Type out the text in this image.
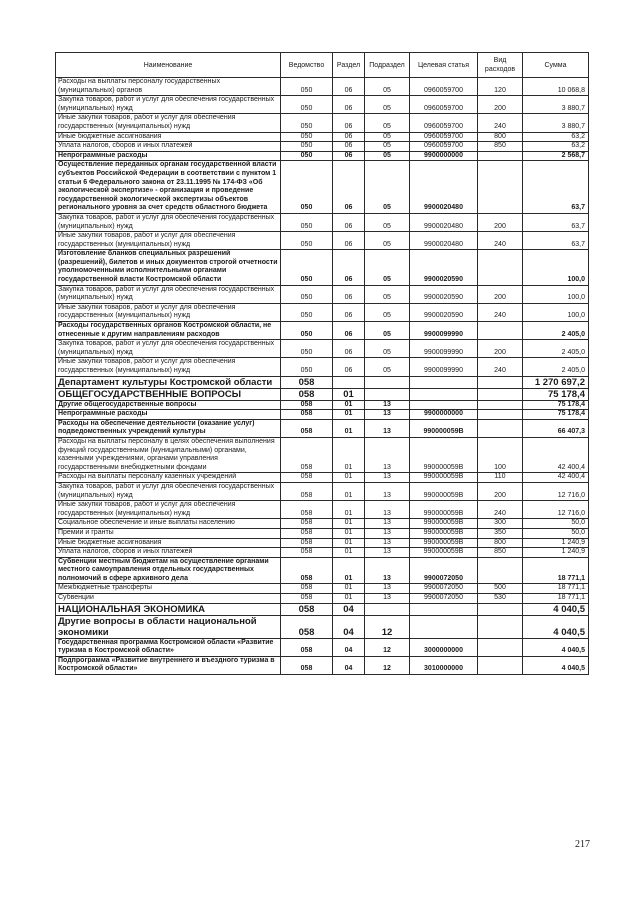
Наименование	Ведомство	Раздел	Подраздел	Целевая статья	Вид расходов	Сумма
Расходы на выплаты персоналу государственных (муниципальных) органов	050	06	05	0960059700	120	10 068,8
Закупка товаров, работ и услуг для обеспечения государственных (муниципальных) нужд	050	06	05	0960059700	200	3 880,7
Иные закупки товаров, работ и услуг для обеспечения государственных (муниципальных) нужд	050	06	05	0960059700	240	3 880,7
Иные бюджетные ассигнования	050	06	05	0960059700	800	63,2
Уплата налогов, сборов и иных платежей	050	06	05	0960059700	850	63,2
Непрограммные расходы	050	06	05	9900000000		2 568,7
Осуществление переданных органам государственной власти субъектов Российской Федерации в соответствии с пунктом 1 статьи 6 Федерального закона от 23.11.1995 № 174-ФЗ «Об экологической экспертизе» - организация и проведение государственной экологической экспертизы объектов регионального уровня за счет средств областного бюджета	050	06	05	9900020480		63,7
Закупка товаров, работ и услуг для обеспечения государственных (муниципальных) нужд	050	06	05	9900020480	200	63,7
Иные закупки товаров, работ и услуг для обеспечения государственных (муниципальных) нужд	050	06	05	9900020480	240	63,7
Изготовление бланков специальных разрешений (разрешений), билетов и иных документов строгой отчетности уполномоченными исполнительными органами государственной власти Костромской области	050	06	05	9900020590		100,0
Закупка товаров, работ и услуг для обеспечения государственных (муниципальных) нужд	050	06	05	9900020590	200	100,0
Иные закупки товаров, работ и услуг для обеспечения государственных (муниципальных) нужд	050	06	05	9900020590	240	100,0
Расходы государственных органов Костромской области, не отнесенные к другим направлениям расходов	050	06	05	9900099990		2 405,0
Закупка товаров, работ и услуг для обеспечения государственных (муниципальных) нужд	050	06	05	9900099990	200	2 405,0
Иные закупки товаров, работ и услуг для обеспечения государственных (муниципальных) нужд	050	06	05	9900099990	240	2 405,0
Департамент культуры Костромской области	058					1 270 697,2
ОБЩЕГОСУДАРСТВЕННЫЕ ВОПРОСЫ	058	01				75 178,4
Другие общегосударственные вопросы	058	01	13			75 178,4
Непрограммные расходы	058	01	13	9900000000		75 178,4
Расходы на обеспечение деятельности (оказание услуг) подведомственных учреждений культуры	058	01	13	990000059В		66 407,3
Расходы на выплаты персоналу в целях обеспечения выполнения функций государственными (муниципальными) органами, казенными учреждениями, органами управления государственными внебюджетными фондами	058	01	13	990000059В	100	42 400,4
Расходы на выплаты персоналу казенных учреждений	058	01	13	990000059В	110	42 400,4
Закупка товаров, работ и услуг для обеспечения государственных (муниципальных) нужд	058	01	13	990000059В	200	12 716,0
Иные закупки товаров, работ и услуг для обеспечения государственных (муниципальных) нужд	058	01	13	990000059В	240	12 716,0
Социальное обеспечение и иные выплаты населению	058	01	13	990000059В	300	50,0
Премии и гранты	058	01	13	990000059В	350	50,0
Иные бюджетные ассигнования	058	01	13	990000059В	800	1 240,9
Уплата налогов, сборов и иных платежей	058	01	13	990000059В	850	1 240,9
Субвенции местным бюджетам на осуществление органами местного самоуправления отдельных государственных полномочий в сфере архивного дела	058	01	13	9900072050		18 771,1
Межбюджетные трансферты	058	01	13	9900072050	500	18 771,1
Субвенции	058	01	13	9900072050	530	18 771,1
НАЦИОНАЛЬНАЯ ЭКОНОМИКА	058	04				4 040,5
Другие вопросы в области национальной экономики	058	04	12			4 040,5
Государственная программа Костромской области «Развитие туризма в Костромской области»	058	04	12	3000000000		4 040,5
Подпрограмма «Развитие внутреннего и въездного туризма в Костромской области»	058	04	12	3010000000		4 040,5
217
